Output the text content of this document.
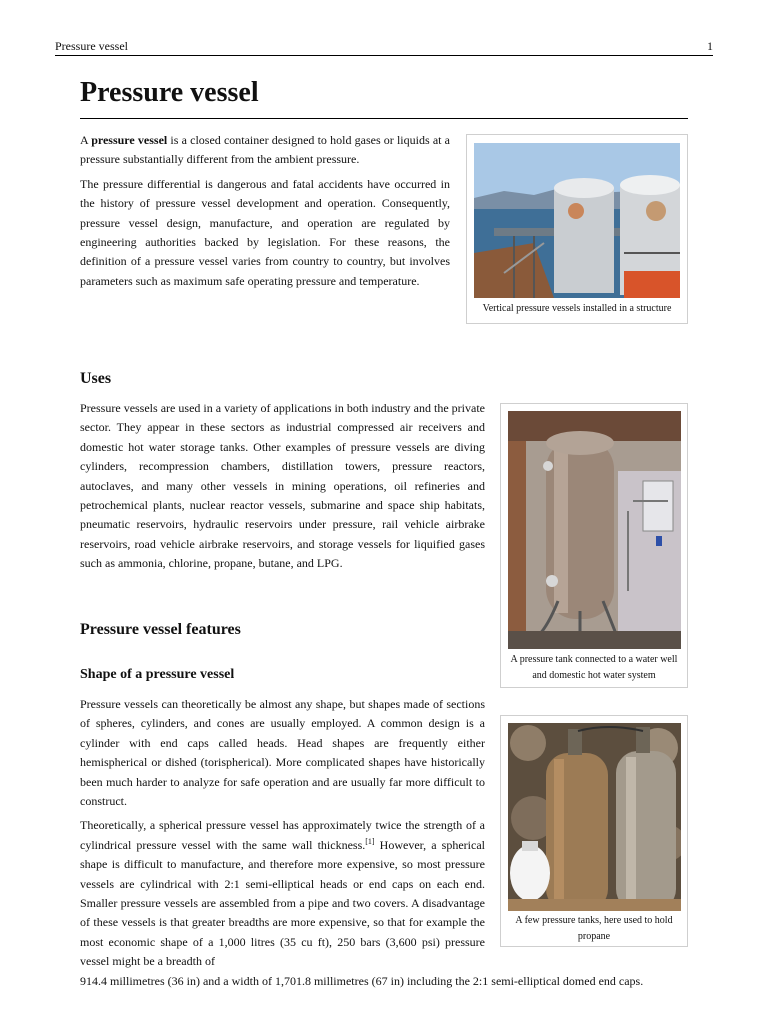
Pressure vessel	1
Pressure vessel

A pressure vessel is a closed container designed to hold gases or liquids at a pressure substantially different from the ambient pressure.

The pressure differential is dangerous and fatal accidents have occurred in the history of pressure vessel development and operation. Consequently, pressure vessel design, manufacture, and operation are regulated by engineering authorities backed by legislation. For these reasons, the definition of a pressure vessel varies from country to country, but involves parameters such as maximum safe operating pressure and temperature.

Vertical pressure vessels installed in a structure
Uses

Pressure vessels are used in a variety of applications in both industry and the private sector. They appear in these sectors as industrial compressed air receivers and domestic hot water storage tanks. Other examples of pressure vessels are diving cylinders, recompression chambers, distillation towers, pressure reactors, autoclaves, and many other vessels in mining operations, oil refineries and petrochemical plants, nuclear reactor vessels, submarine and space ship habitats, pneumatic reservoirs, hydraulic reservoirs under pressure, rail vehicle airbrake reservoirs, road vehicle airbrake reservoirs, and storage vessels for liquified gases such as ammonia, chlorine, propane, butane, and LPG.

A pressure tank connected to a water well and domestic hot water system
Pressure vessel features
Shape of a pressure vessel

Pressure vessels can theoretically be almost any shape, but shapes made of sections of spheres, cylinders, and cones are usually employed. A common design is a cylinder with end caps called heads. Head shapes are frequently either hemispherical or dished (torispherical). More complicated shapes have historically been much harder to analyze for safe operation and are usually far more difficult to construct.

Theoretically, a spherical pressure vessel has approximately twice the strength of a cylindrical pressure vessel with the same wall thickness.[1] However, a spherical shape is difficult to manufacture, and therefore more expensive, so most pressure vessels are cylindrical with 2:1 semi-elliptical heads or end caps on each end. Smaller pressure vessels are assembled from a pipe and two covers. A disadvantage of these vessels is that greater breadths are more expensive, so that for example the most economic shape of a 1,000 litres (35 cu ft), 250 bars (3,600 psi) pressure vessel might be a breadth of

914.4 millimetres (36 in) and a width of 1,701.8 millimetres (67 in) including the 2:1 semi-elliptical domed end caps.

A few pressure tanks, here used to hold propane
